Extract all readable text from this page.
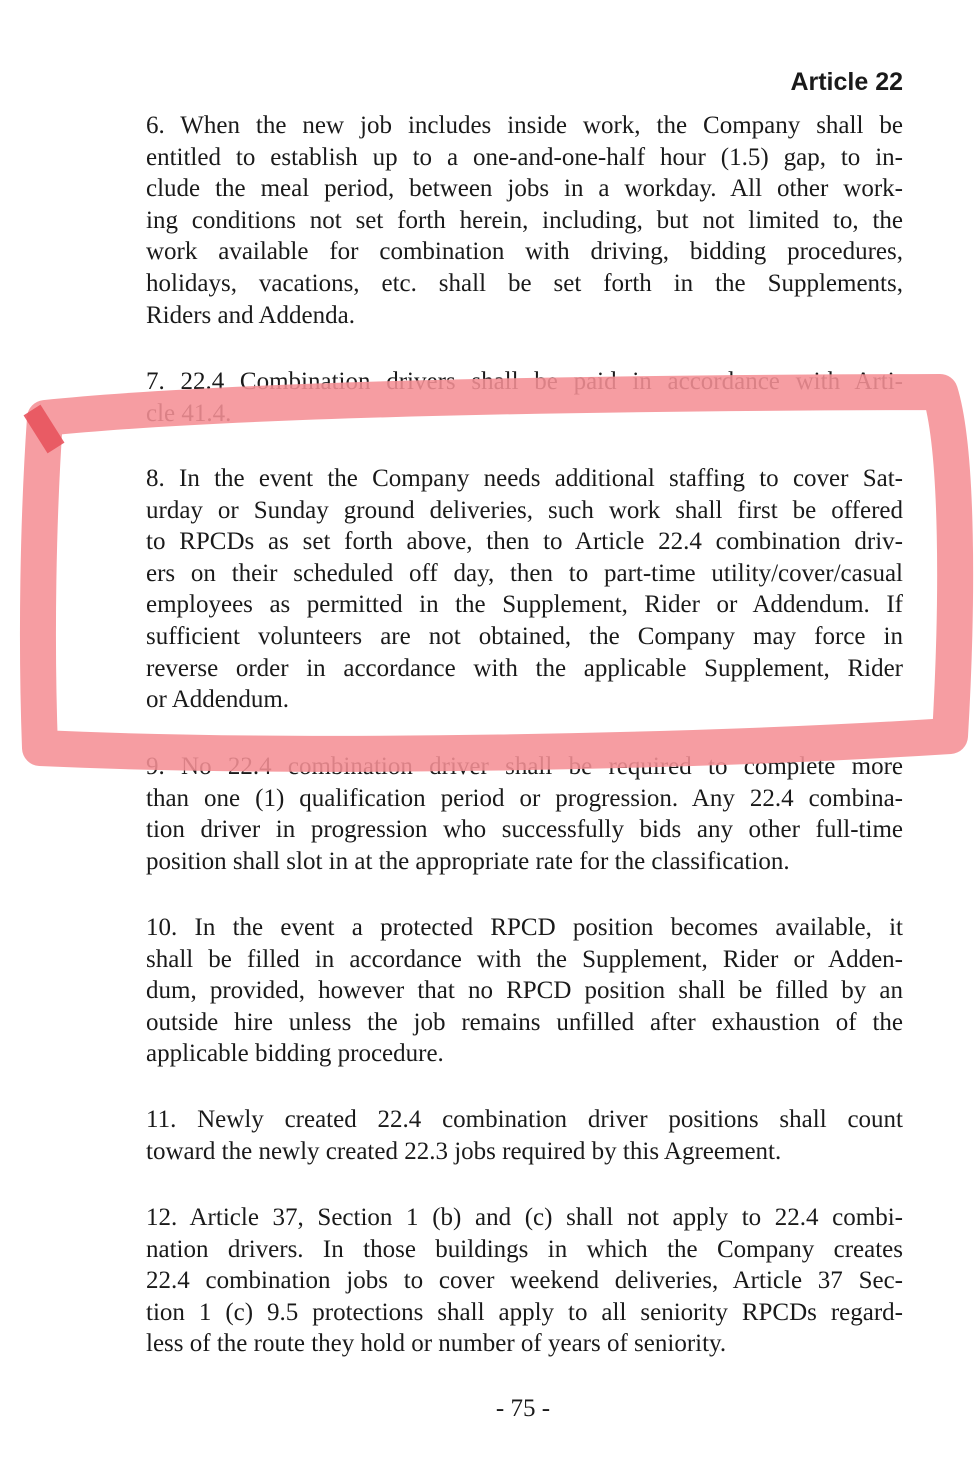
Article 22
6. When the new job includes inside work, the Company shall be
entitled to establish up to a one-and-one-half hour (1.5) gap, to in-
clude the meal period, between jobs in a workday. All other work-
ing conditions not set forth herein, including, but not limited to, the
work available for combination with driving, bidding procedures,
holidays, vacations, etc. shall be set forth in the Supplements,
Riders and Addenda.
7. 22.4 Combination drivers shall be paid in accordance with Arti-
cle 41.4.
8. In the event the Company needs additional staffing to cover Sat-
urday or Sunday ground deliveries, such work shall first be offered
to RPCDs as set forth above, then to Article 22.4 combination driv-
ers on their scheduled off day, then to part-time utility/cover/casual
employees as permitted in the Supplement, Rider or Addendum. If
sufficient volunteers are not obtained, the Company may force in
reverse order in accordance with the applicable Supplement, Rider
or Addendum.
9. No 22.4 combination driver shall be required to complete more
than one (1) qualification period or progression. Any 22.4 combina-
tion driver in progression who successfully bids any other full-time
position shall slot in at the appropriate rate for the classification.
10. In the event a protected RPCD position becomes available, it
shall be filled in accordance with the Supplement, Rider or Adden-
dum, provided, however that no RPCD position shall be filled by an
outside hire unless the job remains unfilled after exhaustion of the
applicable bidding procedure.
11. Newly created 22.4 combination driver positions shall count
toward the newly created 22.3 jobs required by this Agreement.
12. Article 37, Section 1 (b) and (c) shall not apply to 22.4 combi-
nation drivers. In those buildings in which the Company creates
22.4 combination jobs to cover weekend deliveries, Article 37 Sec-
tion 1 (c) 9.5 protections shall apply to all seniority RPCDs regard-
less of the route they hold or number of years of seniority.
- 75 -
